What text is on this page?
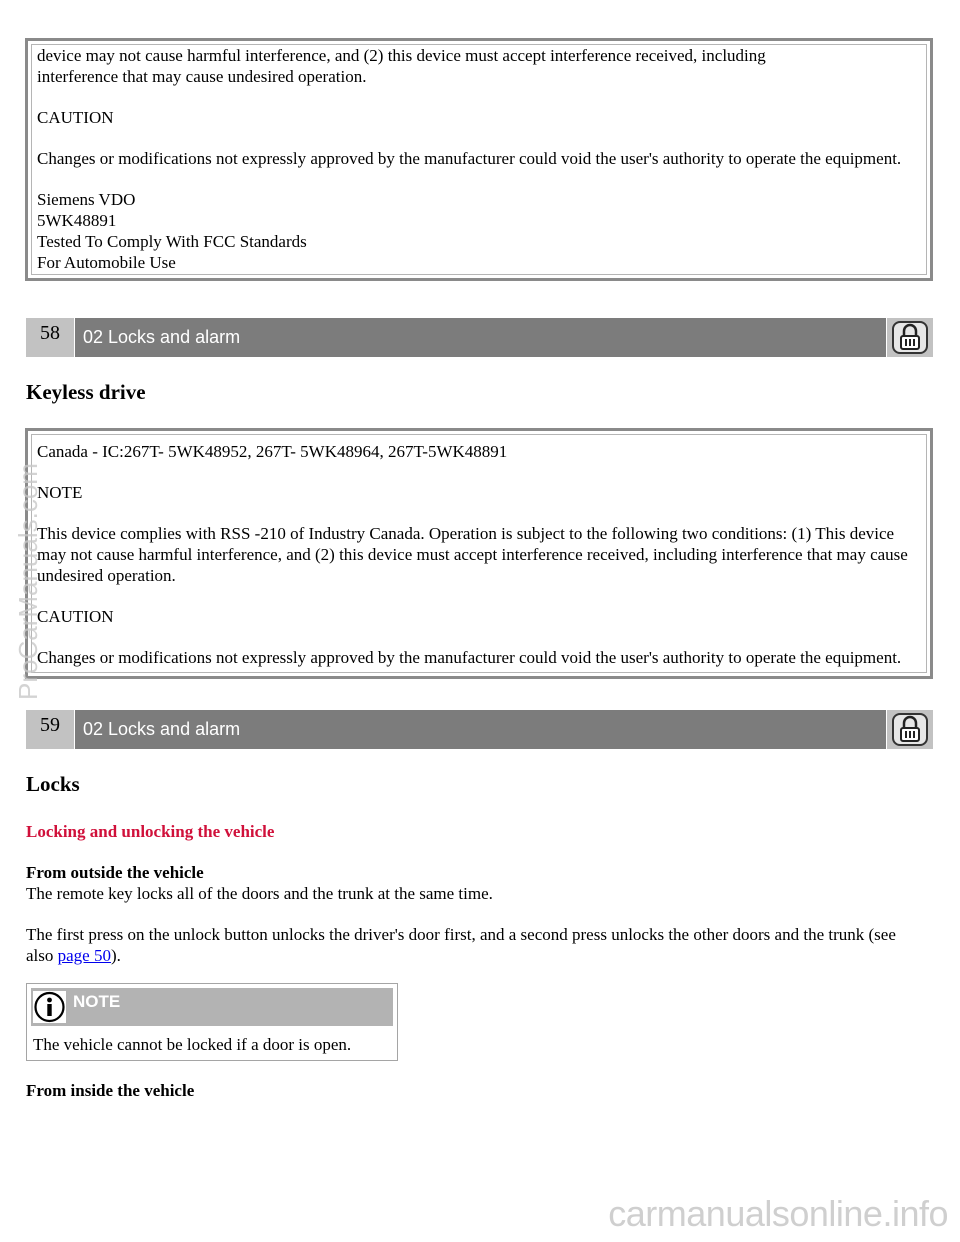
device may not cause harmful interference, and (2) this device must accept interference received, including

interference that may cause undesired operation.

CAUTION

Changes or modifications not expressly approved by the manufacturer could void the user's authority to operate the equipment.

Siemens VDO

5WK48891

Tested To Comply With FCC Standards

For Automobile Use

58	02 Locks and alarm
Keyless drive

Canada - IC:267T- 5WK48952, 267T- 5WK48964, 267T-5WK48891

NOTE

This device complies with RSS -210 of Industry Canada. Operation is subject to the following two conditions: (1) This device may not cause harmful interference, and (2) this device must accept interference received, including interference that may cause undesired operation.

CAUTION

Changes or modifications not expressly approved by the manufacturer could void the user's authority to operate the equipment.

59	02 Locks and alarm
Locks
Locking and unlocking the vehicle
From outside the vehicle
The remote key locks all of the doors and the trunk at the same time.
The first press on the unlock button unlocks the driver's door first, and a second press unlocks the other doors and the trunk (see also page 50).
NOTE
The vehicle cannot be locked if a door is open.
From inside the vehicle
ProCarManuals.com
carmanualsonline.info
